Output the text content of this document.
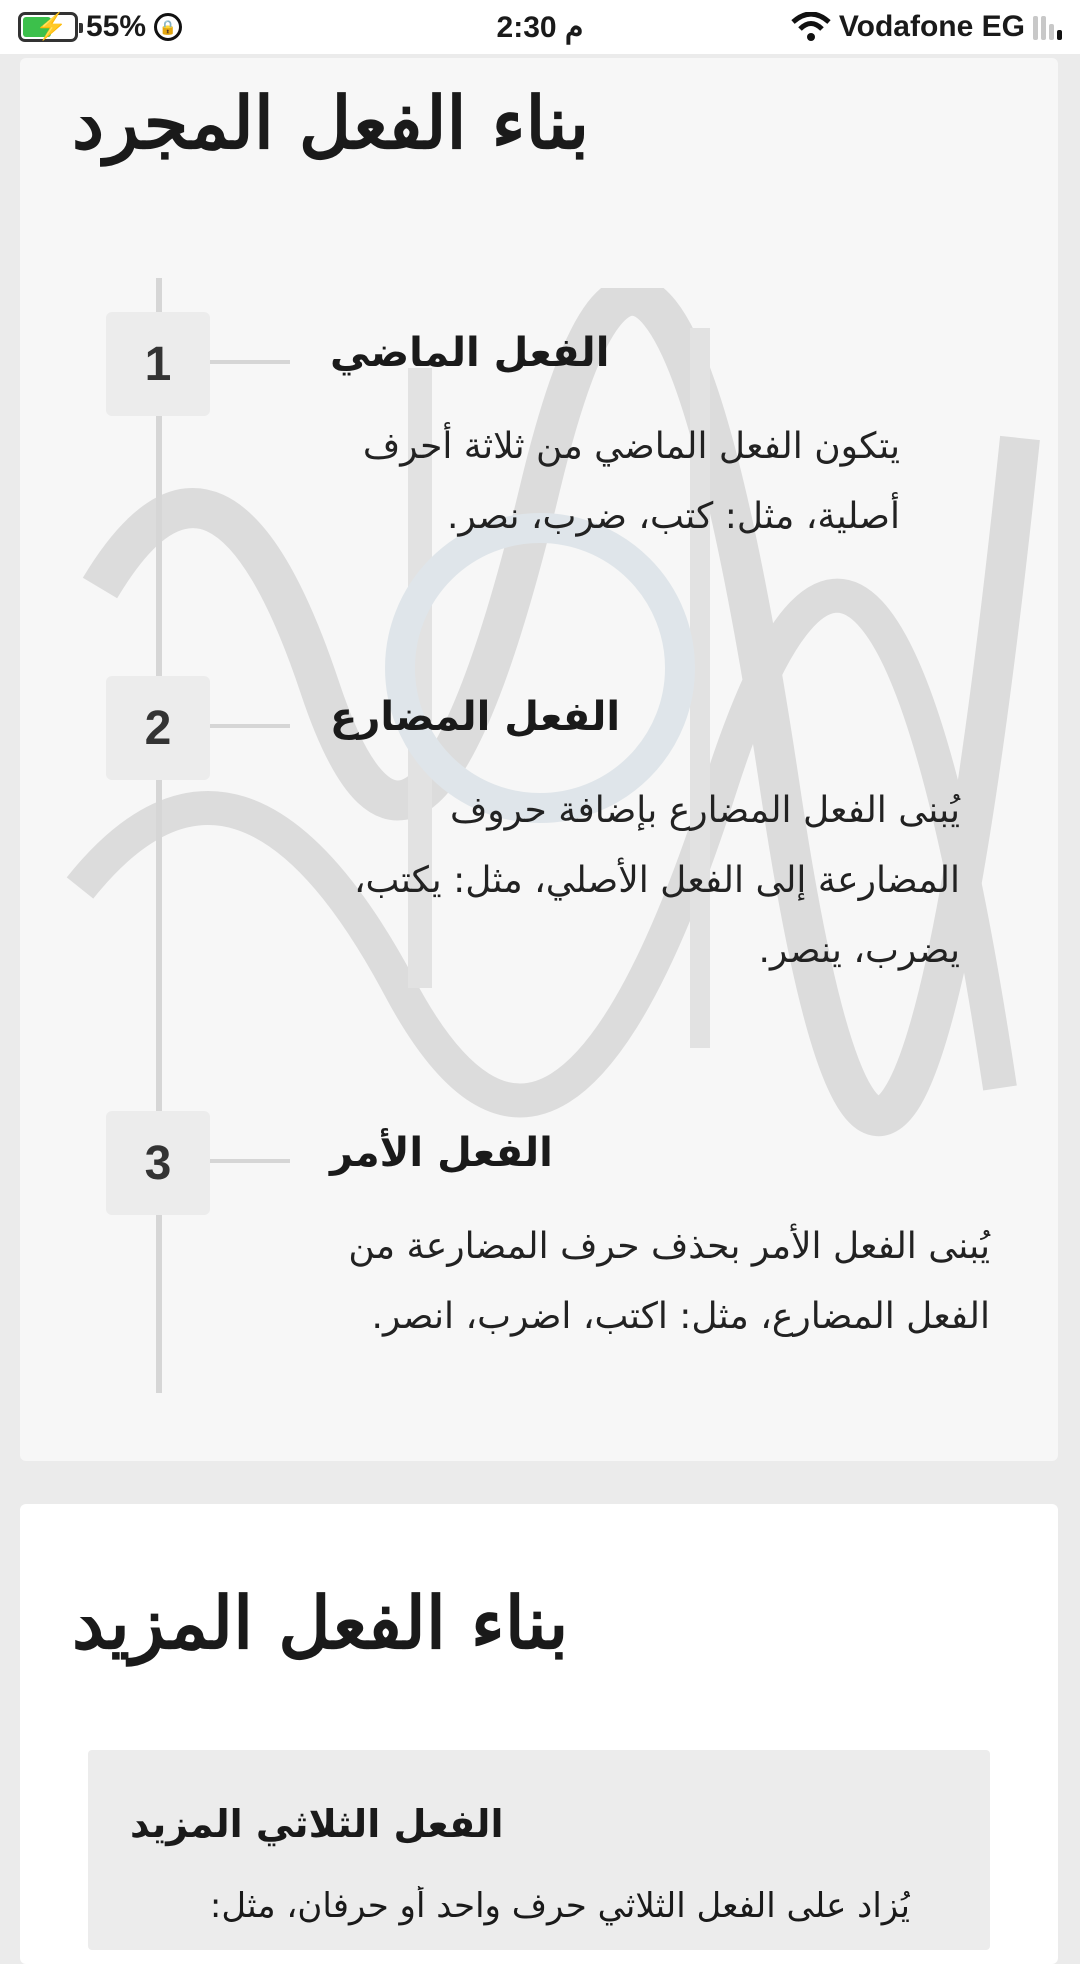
⚡ 55% 🔒	2:30 م	Vodafone EG
بناء الفعل المجرد
1	الفعل الماضي
يتكون الفعل الماضي من ثلاثة أحرف أصلية، مثل: كتب، ضرب، نصر.
2	الفعل المضارع
يُبنى الفعل المضارع بإضافة حروف المضارعة إلى الفعل الأصلي، مثل: يكتب، يضرب، ينصر.
3	الفعل الأمر
يُبنى الفعل الأمر بحذف حرف المضارعة من الفعل المضارع، مثل: اكتب، اضرب، انصر.
بناء الفعل المزيد
الفعل الثلاثي المزيد
يُزاد على الفعل الثلاثي حرف واحد أو حرفان، مثل:
